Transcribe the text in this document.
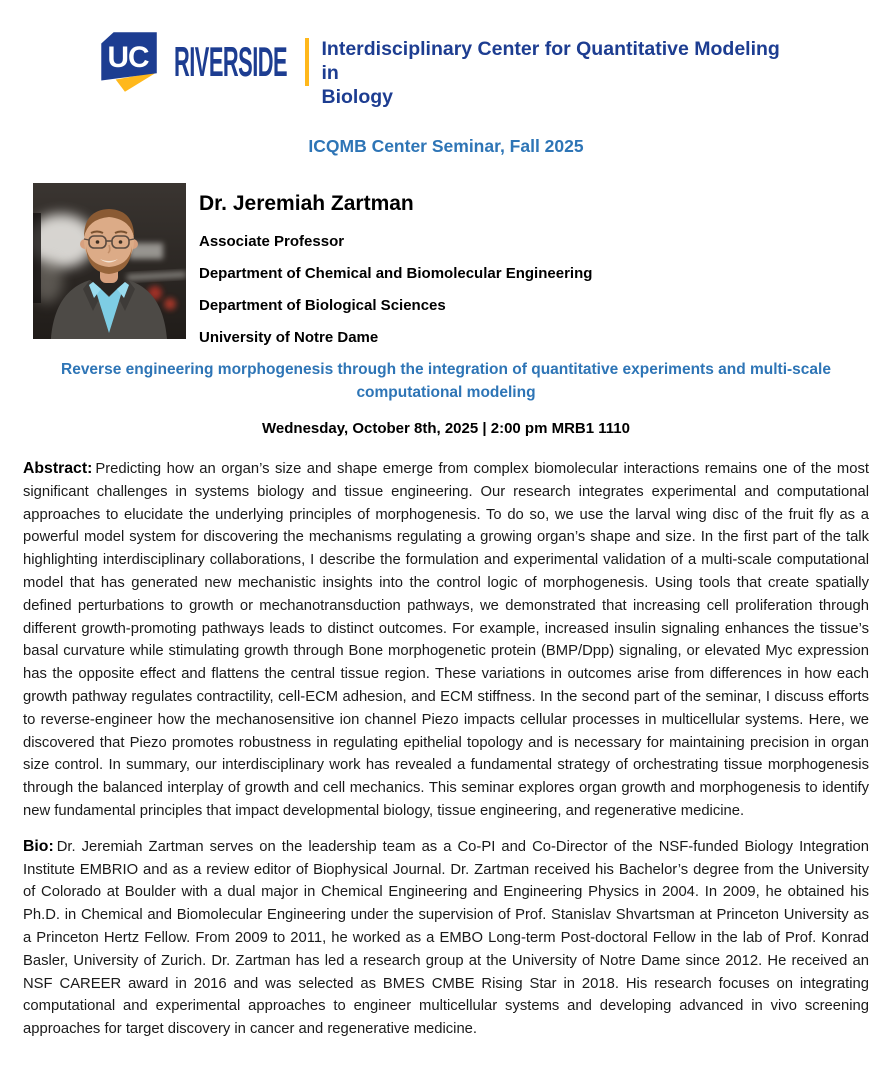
UC RIVERSIDE Interdisciplinary Center for Quantitative Modeling in
Biology
ICQMB Center Seminar, Fall 2025
Dr. Jeremiah Zartman
Associate Professor
Department of Chemical and Biomolecular Engineering
Department of Biological Sciences
University of Notre Dame
Reverse engineering morphogenesis through the integration of quantitative experiments and multi-scale computational modeling
Wednesday, October 8th, 2025 | 2:00 pm MRB1 1110

Abstract: Predicting how an organ’s size and shape emerge from complex biomolecular interactions remains one of the most significant challenges in systems biology and tissue engineering. Our research integrates experimental and computational approaches to elucidate the underlying principles of morphogenesis. To do so, we use the larval wing disc of the fruit fly as a powerful model system for discovering the mechanisms regulating a growing organ’s shape and size. In the first part of the talk highlighting interdisciplinary collaborations, I describe the formulation and experimental validation of a multi-scale computational model that has generated new mechanistic insights into the control logic of morphogenesis. Using tools that create spatially defined perturbations to growth or mechanotransduction pathways, we demonstrated that increasing cell proliferation through different growth-promoting pathways leads to distinct outcomes. For example, increased insulin signaling enhances the tissue’s basal curvature while stimulating growth through Bone morphogenetic protein (BMP/Dpp) signaling, or elevated Myc expression has the opposite effect and flattens the central tissue region. These variations in outcomes arise from differences in how each growth pathway regulates contractility, cell-ECM adhesion, and ECM stiffness. In the second part of the seminar, I discuss efforts to reverse-engineer how the mechanosensitive ion channel Piezo impacts cellular processes in multicellular systems. Here, we discovered that Piezo promotes robustness in regulating epithelial topology and is necessary for maintaining precision in organ size control. In summary, our interdisciplinary work has revealed a fundamental strategy of orchestrating tissue morphogenesis through the balanced interplay of growth and cell mechanics. This seminar explores organ growth and morphogenesis to identify new fundamental principles that impact developmental biology, tissue engineering, and regenerative medicine.

Bio: Dr. Jeremiah Zartman serves on the leadership team as a Co-PI and Co-Director of the NSF-funded Biology Integration Institute EMBRIO and as a review editor of Biophysical Journal. Dr. Zartman received his Bachelor’s degree from the University of Colorado at Boulder with a dual major in Chemical Engineering and Engineering Physics in 2004. In 2009, he obtained his Ph.D. in Chemical and Biomolecular Engineering under the supervision of Prof. Stanislav Shvartsman at Princeton University as a Princeton Hertz Fellow. From 2009 to 2011, he worked as a EMBO Long-term Post-doctoral Fellow in the lab of Prof. Konrad Basler, University of Zurich. Dr. Zartman has led a research group at the University of Notre Dame since 2012. He received an NSF CAREER award in 2016 and was selected as BMES CMBE Rising Star in 2018. His research focuses on integrating computational and experimental approaches to engineer multicellular systems and developing advanced in vivo screening approaches for target discovery in cancer and regenerative medicine.
